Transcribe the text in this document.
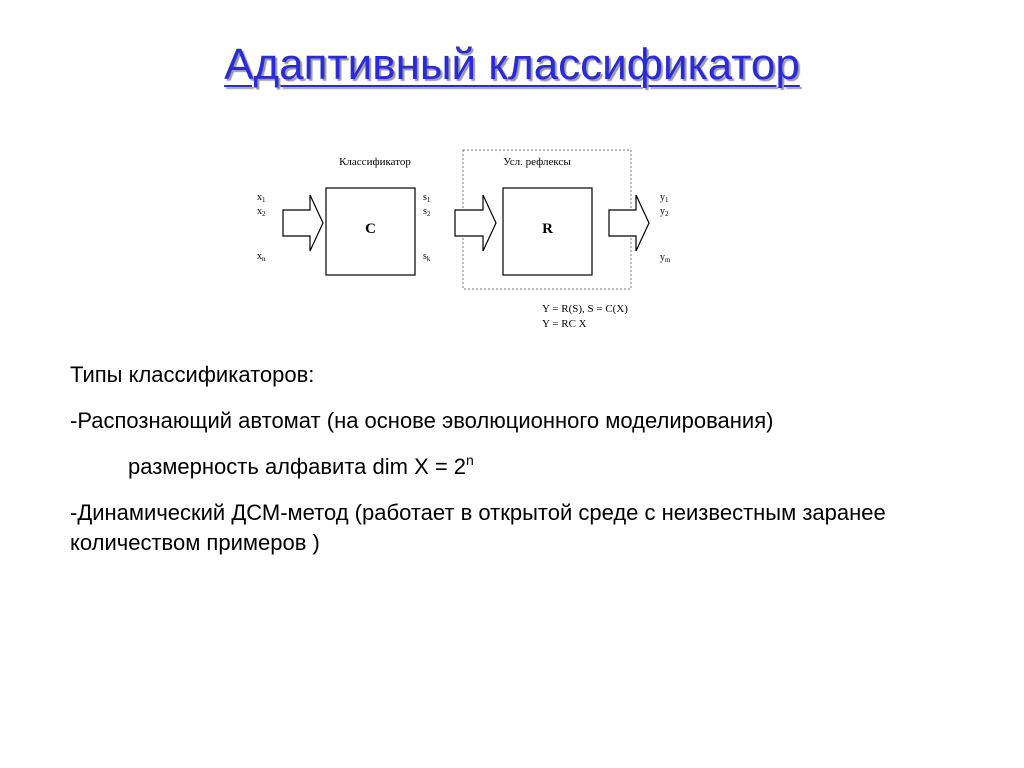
Адаптивный классификатор
Классификатор	Усл. рефлексы
C	R
$x_1$
$x_2$
$x_n$
$s_1$
$s_2$
$s_k$
$y_1$
$y_2$
$y_m$
Y = R(S), S = C(X)
Y = RC X

Типы классификаторов:

-Распознающий автомат (на основе эволюционного моделирования)

размерность алфавита dim $X = 2^n$

-Динамический ДСМ-метод (работает в открытой среде с неизвестным заранее количеством примеров )
